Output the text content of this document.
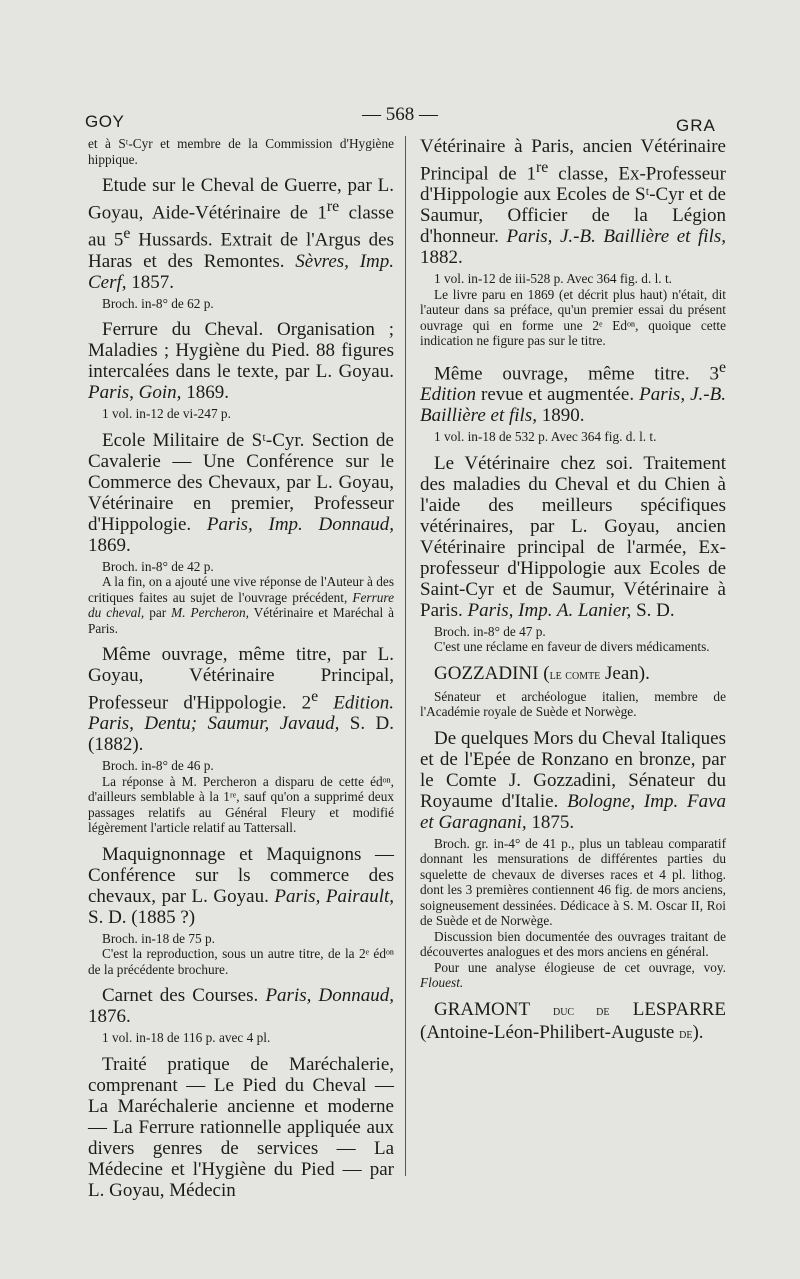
GOY	— 568 —
GRA

et à Sᵗ-Cyr et membre de la Commission d'Hygiène hippique.

Etude sur le Cheval de Guerre, par L. Goyau, Aide-Vétérinaire de 1re classe au 5e Hussards. Extrait de l'Argus des Haras et des Remontes. Sèvres, Imp. Cerf, 1857.

Broch. in-8° de 62 p.

Ferrure du Cheval. Organisation ; Maladies ; Hygiène du Pied. 88 figures intercalées dans le texte, par L. Goyau. Paris, Goin, 1869.

1 vol. in-12 de vi-247 p.

Ecole Militaire de Sᵗ-Cyr. Section de Cavalerie — Une Conférence sur le Commerce des Chevaux, par L. Goyau, Vétérinaire en premier, Professeur d'Hippologie. Paris, Imp. Donnaud, 1869.

Broch. in-8° de 42 p.

A la fin, on a ajouté une vive réponse de l'Auteur à des critiques faites au sujet de l'ouvrage précédent, Ferrure du cheval, par M. Percheron, Vétérinaire et Maréchal à Paris.

Même ouvrage, même titre, par L. Goyau, Vétérinaire Principal, Professeur d'Hippologie. 2e Edition. Paris, Dentu; Saumur, Javaud, S. D. (1882).

Broch. in-8° de 46 p.

La réponse à M. Percheron a disparu de cette édᵒⁿ, d'ailleurs semblable à la 1ʳᵉ, sauf qu'on a supprimé deux passages relatifs au Général Fleury et modifié légèrement l'article relatif au Tattersall.

Maquignonnage et Maquignons — Conférence sur ls commerce des chevaux, par L. Goyau. Paris, Pairault, S. D. (1885 ?)

Broch. in-18 de 75 p.

C'est la reproduction, sous un autre titre, de la 2ᵉ édᵒⁿ de la précédente brochure.

Carnet des Courses. Paris, Donnaud, 1876.

1 vol. in-18 de 116 p. avec 4 pl.

Traité pratique de Maréchalerie, comprenant — Le Pied du Cheval — La Maréchalerie ancienne et moderne — La Ferrure rationnelle appliquée aux divers genres de services — La Médecine et l'Hygiène du Pied — par L. Goyau, Médecin

Vétérinaire à Paris, ancien Vétérinaire Principal de 1re classe, Ex-Professeur d'Hippologie aux Ecoles de Sᵗ-Cyr et de Saumur, Officier de la Légion d'honneur. Paris, J.-B. Baillière et fils, 1882.

1 vol. in-12 de iii-528 p. Avec 364 fig. d. l. t.

Le livre paru en 1869 (et décrit plus haut) n'était, dit l'auteur dans sa préface, qu'un premier essai du présent ouvrage qui en forme une 2ᵉ Edᵒⁿ, quoique cette indication ne figure pas sur le titre.

Même ouvrage, même titre. 3e Edition revue et augmentée. Paris, J.-B. Baillière et fils, 1890.

1 vol. in-18 de 532 p. Avec 364 fig. d. l. t.

Le Vétérinaire chez soi. Traitement des maladies du Cheval et du Chien à l'aide des meilleurs spécifiques vétérinaires, par L. Goyau, ancien Vétérinaire principal de l'armée, Ex-professeur d'Hippologie aux Ecoles de Saint-Cyr et de Saumur, Vétérinaire à Paris. Paris, Imp. A. Lanier, S. D.

Broch. in-8° de 47 p.

C'est une réclame en faveur de divers médicaments.

GOZZADINI (le comte Jean).

Sénateur et archéologue italien, membre de l'Académie royale de Suède et Norwège.

De quelques Mors du Cheval Italiques et de l'Epée de Ronzano en bronze, par le Comte J. Gozzadini, Sénateur du Royaume d'Italie. Bologne, Imp. Fava et Garagnani, 1875.

Broch. gr. in-4° de 41 p., plus un tableau comparatif donnant les mensurations de différentes parties du squelette de chevaux de diverses races et 4 pl. lithog. dont les 3 premières contiennent 46 fig. de mors anciens, soigneusement dessinées. Dédicace à S. M. Oscar II, Roi de Suède et de Norwège.

Discussion bien documentée des ouvrages traitant de découvertes analogues et des mors anciens en général.

Pour une analyse élogieuse de cet ouvrage, voy. Flouest.

GRAMONT duc de LESPARRE (Antoine-Léon-Philibert-Auguste de).
